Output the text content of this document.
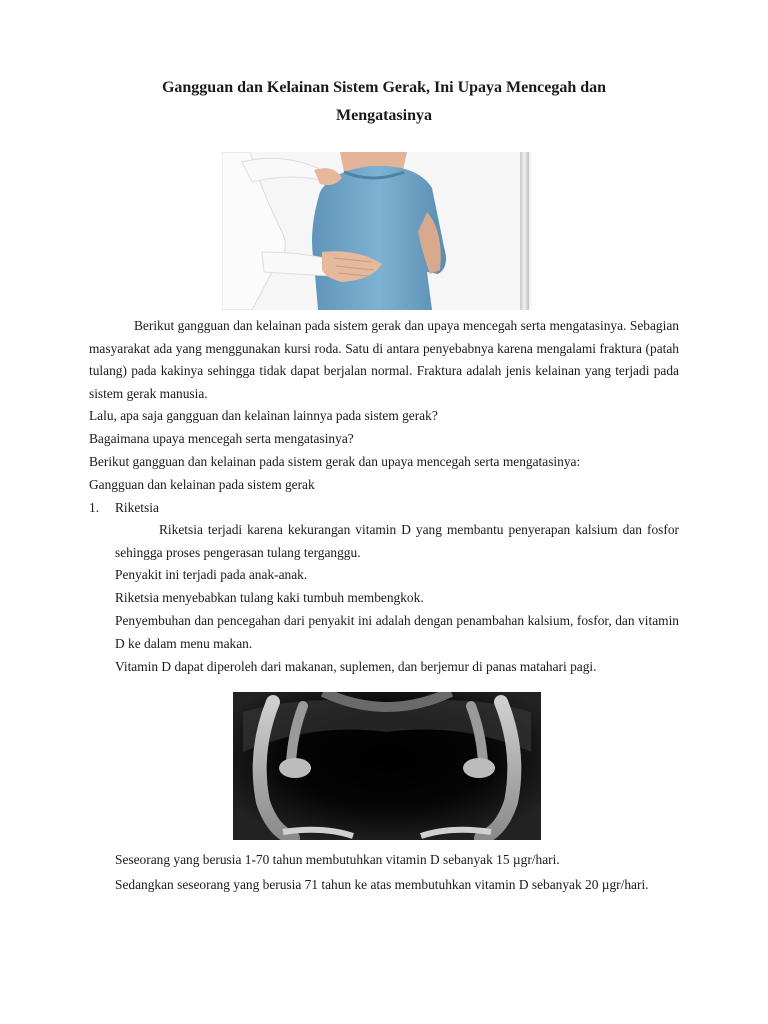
Gangguan dan Kelainan Sistem Gerak, Ini Upaya Mencegah dan
Mengatasinya

Berikut gangguan dan kelainan pada sistem gerak dan upaya mencegah serta mengatasinya. Sebagian masyarakat ada yang menggunakan kursi roda. Satu di antara penyebabnya karena mengalami fraktura (patah tulang) pada kakinya sehingga tidak dapat berjalan normal. Fraktura adalah jenis kelainan yang terjadi pada sistem gerak manusia.

Lalu, apa saja gangguan dan kelainan lainnya pada sistem gerak?

Bagaimana upaya mencegah serta mengatasinya?

Berikut gangguan dan kelainan pada sistem gerak dan upaya mencegah serta mengatasinya:

Gangguan dan kelainan pada sistem gerak

1. Riketsia

Riketsia terjadi karena kekurangan vitamin D yang membantu penyerapan kalsium dan fosfor sehingga proses pengerasan tulang terganggu.

Penyakit ini terjadi pada anak-anak.

Riketsia menyebabkan tulang kaki tumbuh membengkok.

Penyembuhan dan pencegahan dari penyakit ini adalah dengan penambahan kalsium, fosfor, dan vitamin D ke dalam menu makan.

Vitamin D dapat diperoleh dari makanan, suplemen, dan berjemur di panas matahari pagi.

Seseorang yang berusia 1-70 tahun membutuhkan vitamin D sebanyak 15 µgr/hari.

Sedangkan seseorang yang berusia 71 tahun ke atas membutuhkan vitamin D sebanyak 20 µgr/hari.
